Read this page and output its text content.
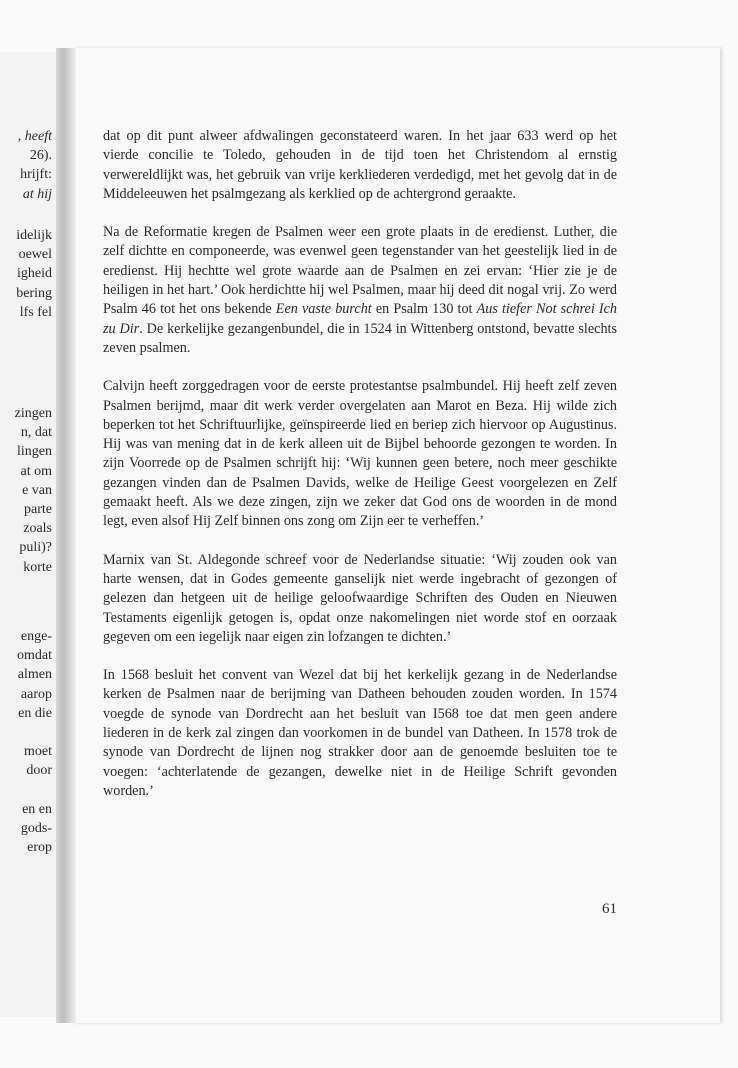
, heeft
26).
hrijft:
at hij
idelijk
oewel
igheid
bering
lfs fel
zingen
n, dat
lingen
at om
e van
parte
zoals
puli)?
korte
enge-
omdat
almen
aarop
en die
moet
door
en en
gods-
erop

dat op dit punt alweer afdwalingen geconstateerd waren. In het jaar 633 werd op het vierde concilie te Toledo, gehouden in de tijd toen het Christendom al ernstig verwereldlijkt was, het gebruik van vrije kerkliederen verdedigd, met het gevolg dat in de Middeleeuwen het psalmgezang als kerklied op de achtergrond geraakte.

Na de Reformatie kregen de Psalmen weer een grote plaats in de eredienst. Luther, die zelf dichtte en componeerde, was evenwel geen tegenstander van het geestelijk lied in de eredienst. Hij hechtte wel grote waarde aan de Psalmen en zei ervan: ‘Hier zie je de heiligen in het hart.’ Ook herdichtte hij wel Psalmen, maar hij deed dit nogal vrij. Zo werd Psalm 46 tot het ons bekende Een vaste burcht en Psalm 130 tot Aus tiefer Not schrei Ich zu Dir. De kerkelijke gezangenbundel, die in 1524 in Wittenberg ontstond, bevatte slechts zeven psalmen.

Calvijn heeft zorggedragen voor de eerste protestantse psalmbundel. Hij heeft zelf zeven Psalmen berijmd, maar dit werk verder overgelaten aan Marot en Beza. Hij wilde zich beperken tot het Schriftuurlijke, geïnspireerde lied en beriep zich hiervoor op Augustinus. Hij was van mening dat in de kerk alleen uit de Bijbel behoorde gezongen te worden. In zijn Voorrede op de Psalmen schrijft hij: ‘Wij kunnen geen betere, noch meer geschikte gezangen vinden dan de Psalmen Davids, welke de Heilige Geest voorgelezen en Zelf gemaakt heeft. Als we deze zingen, zijn we zeker dat God ons de woorden in de mond legt, even alsof Hij Zelf binnen ons zong om Zijn eer te verheffen.’

Marnix van St. Aldegonde schreef voor de Nederlandse situatie: ‘Wij zouden ook van harte wensen, dat in Godes gemeente ganselijk niet werde ingebracht of gezongen of gelezen dan hetgeen uit de heilige geloofwaardige Schriften des Ouden en Nieuwen Testaments eigenlijk getogen is, opdat onze nakomelingen niet worde stof en oorzaak gegeven om een iegelijk naar eigen zin lofzangen te dichten.’

In 1568 besluit het convent van Wezel dat bij het kerkelijk gezang in de Nederlandse kerken de Psalmen naar de berijming van Datheen behouden zouden worden. In 1574 voegde de synode van Dordrecht aan het besluit van I568 toe dat men geen andere liederen in de kerk zal zingen dan voorkomen in de bundel van Datheen. In 1578 trok de synode van Dordrecht de lijnen nog strakker door aan de genoemde besluiten toe te voegen: ‘achterlatende de gezangen, dewelke niet in de Heilige Schrift gevonden worden.’

61
